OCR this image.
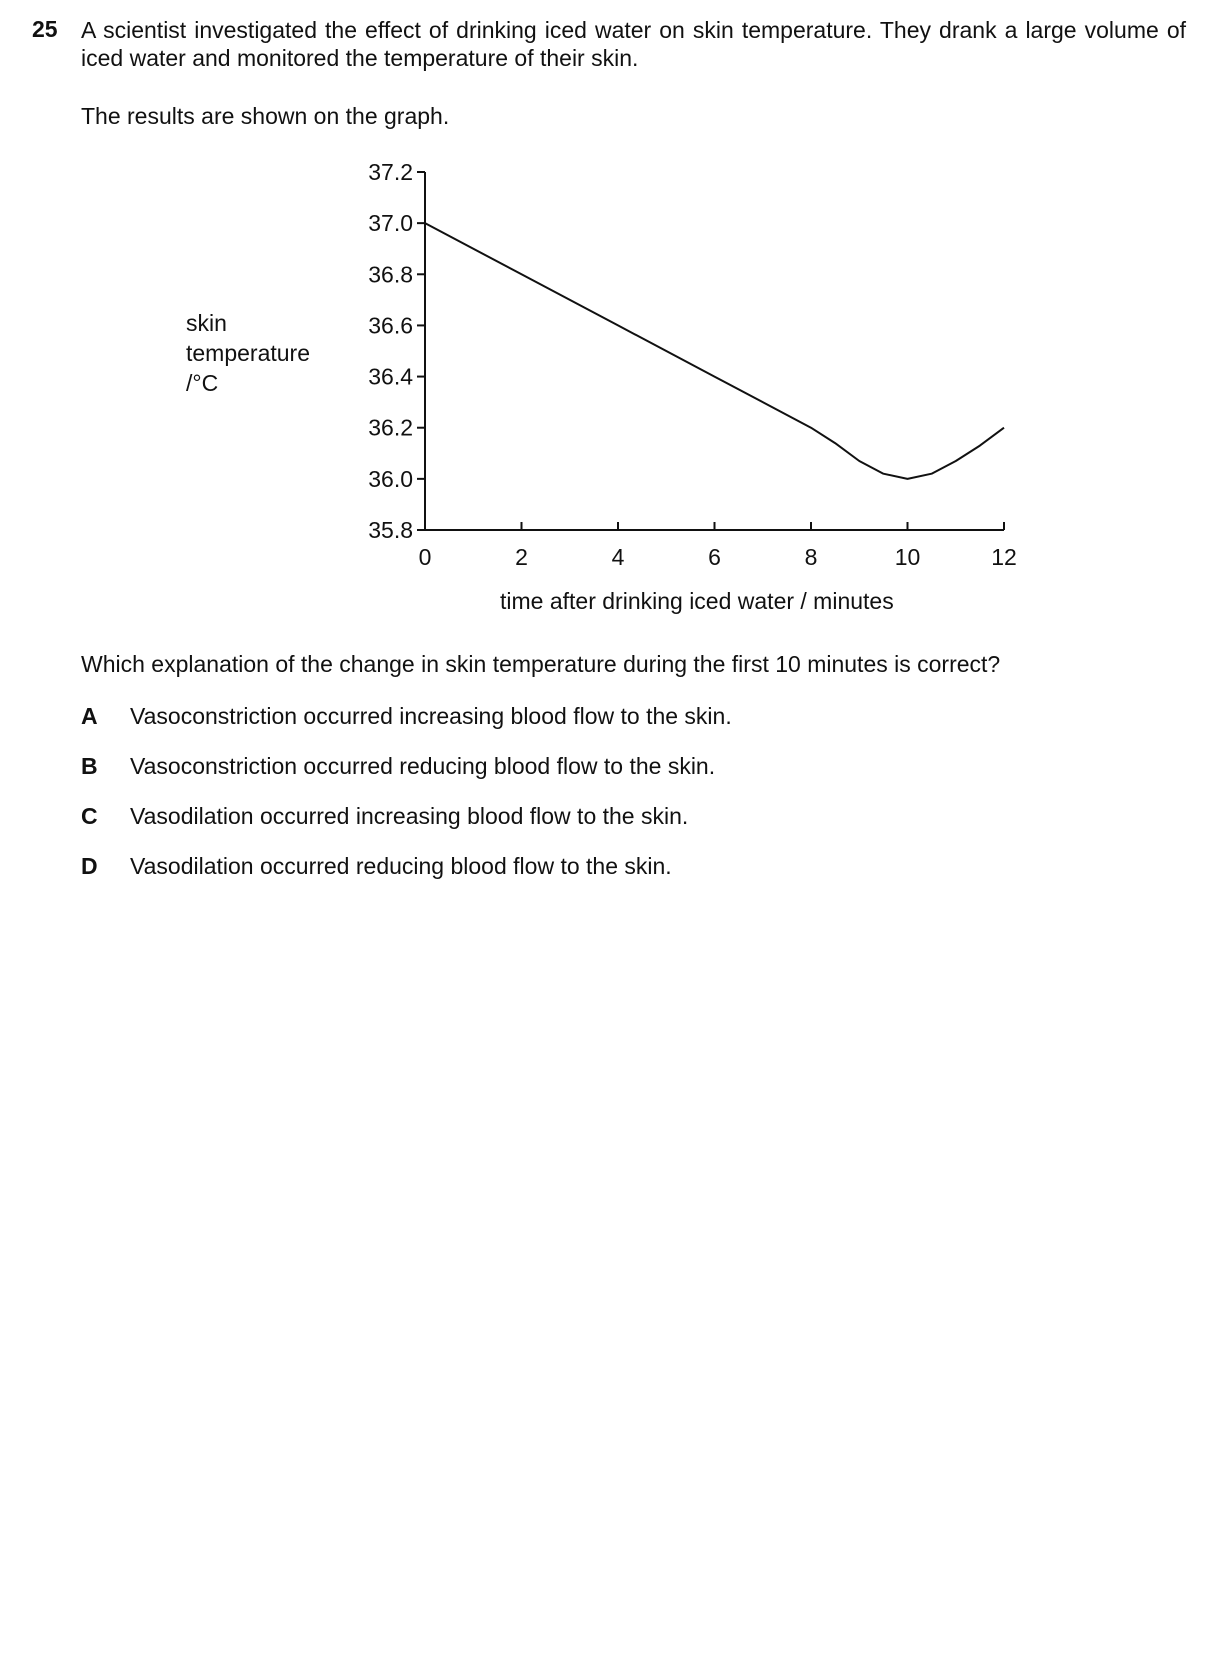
25 A scientist investigated the effect of drinking iced water on skin temperature. They drank a large volume of iced water and monitored the temperature of their skin.
The results are shown on the graph.
skin
temperature
/°C
35.8
36.0
36.2
36.4
36.6
36.8
37.0
37.2
0	2	4	6	8	10	12
time after drinking iced water / minutes
Which explanation of the change in skin temperature during the first 10 minutes is correct?
A Vasoconstriction occurred increasing blood flow to the skin.
B Vasoconstriction occurred reducing blood flow to the skin.
C Vasodilation occurred increasing blood flow to the skin.
D Vasodilation occurred reducing blood flow to the skin.
